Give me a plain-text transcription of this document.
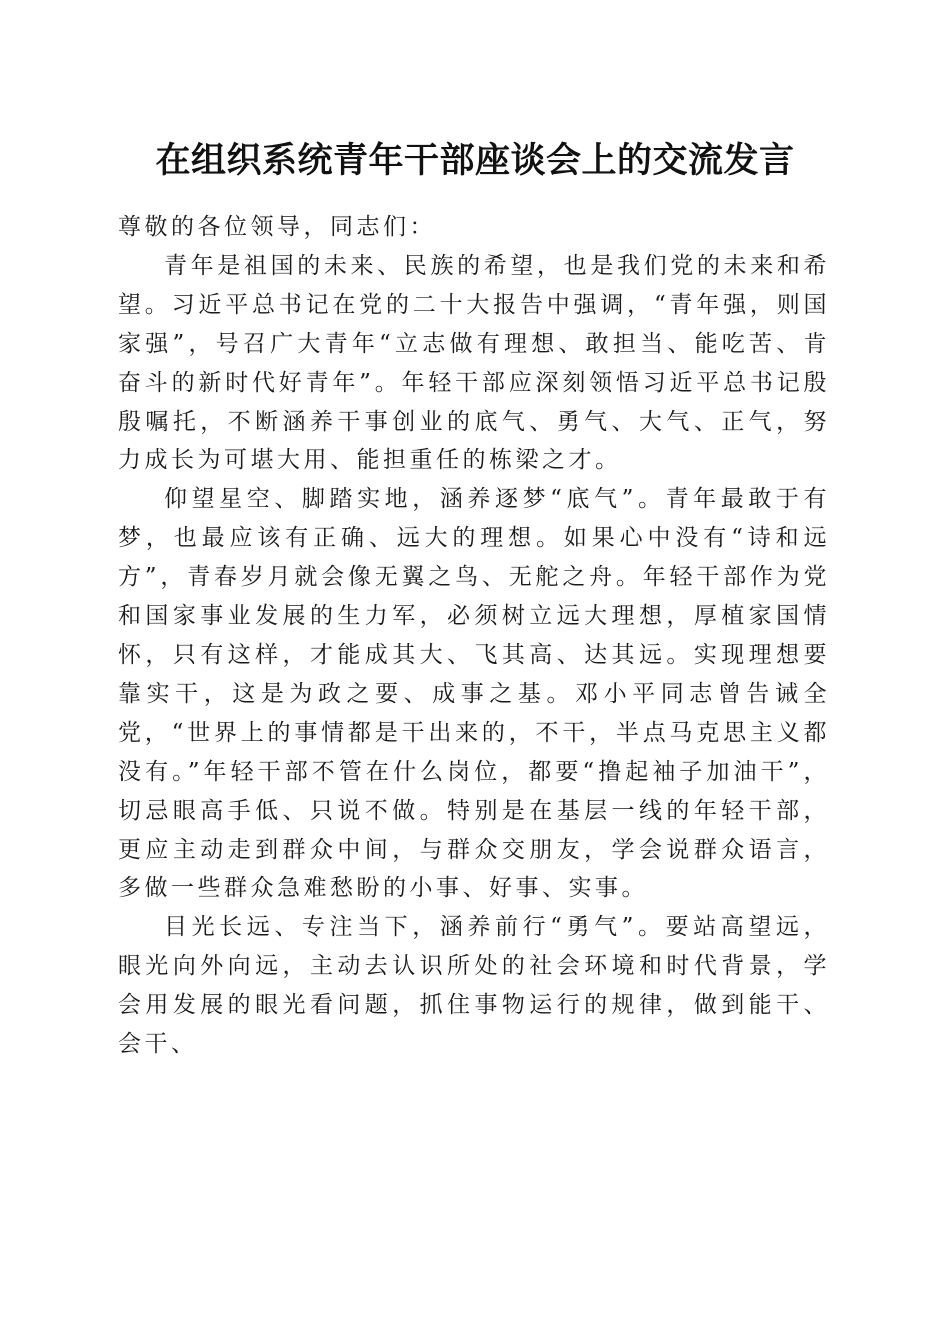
在组织系统青年干部座谈会上的交流发言

尊敬的各位领导，同志们：

青年是祖国的未来、民族的希望，也是我们党的未来和希望。习近平总书记在党的二十大报告中强调，“青年强，则国家强”，号召广大青年“立志做有理想、敢担当、能吃苦、肯奋斗的新时代好青年”。年轻干部应深刻领悟习近平总书记殷殷嘱托，不断涵养干事创业的底气、勇气、大气、正气，努力成长为可堪大用、能担重任的栋梁之才。

仰望星空、脚踏实地，涵养逐梦“底气”。青年最敢于有梦，也最应该有正确、远大的理想。如果心中没有“诗和远方”，青春岁月就会像无翼之鸟、无舵之舟。年轻干部作为党和国家事业发展的生力军，必须树立远大理想，厚植家国情怀，只有这样，才能成其大、飞其高、达其远。实现理想要靠实干，这是为政之要、成事之基。邓小平同志曾告诫全党，“世界上的事情都是干出来的，不干，半点马克思主义都没有。”年轻干部不管在什么岗位，都要“撸起袖子加油干”，切忌眼高手低、只说不做。特别是在基层一线的年轻干部，更应主动走到群众中间，与群众交朋友，学会说群众语言，多做一些群众急难愁盼的小事、好事、实事。

目光长远、专注当下，涵养前行“勇气”。要站高望远，眼光向外向远，主动去认识所处的社会环境和时代背景，学会用发展的眼光看问题，抓住事物运行的规律，做到能干、会干、
